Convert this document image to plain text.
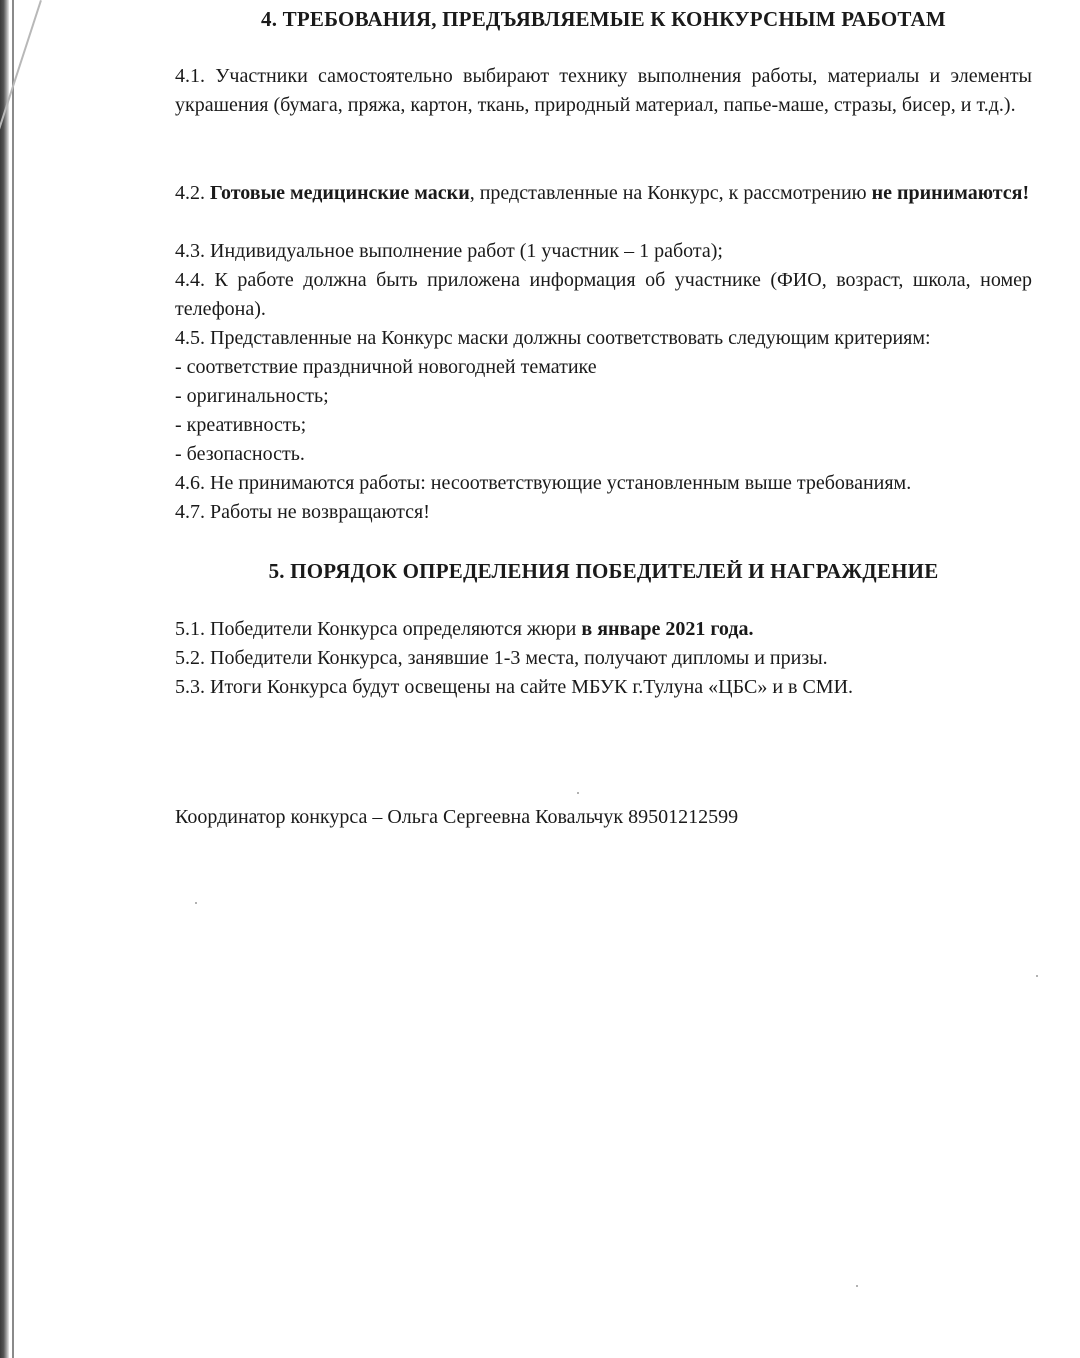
4. ТРЕБОВАНИЯ, ПРЕДЪЯВЛЯЕМЫЕ К КОНКУРСНЫМ РАБОТАМ
4.1. Участники самостоятельно выбирают технику выполнения работы, материалы и элементы украшения (бумага, пряжа, картон, ткань, природный материал, папье-маше, стразы, бисер, и т.д.).
4.2. Готовые медицинские маски, представленные на Конкурс, к рассмотрению не принимаются!
4.3. Индивидуальное выполнение работ (1 участник – 1 работа);
4.4. К работе должна быть приложена информация об участнике (ФИО, возраст, школа, номер телефона).
4.5. Представленные на Конкурс маски должны соответствовать следующим критериям:
- соответствие праздничной новогодней тематике
- оригинальность;
- креативность;
- безопасность.
4.6. Не принимаются работы: несоответствующие установленным выше требованиям.
4.7. Работы не возвращаются!
5. ПОРЯДОК ОПРЕДЕЛЕНИЯ ПОБЕДИТЕЛЕЙ И НАГРАЖДЕНИЕ
5.1. Победители Конкурса определяются жюри в январе 2021 года.
5.2. Победители Конкурса, занявшие 1-3 места, получают дипломы и призы.
5.3. Итоги Конкурса будут освещены на сайте МБУК г.Тулуна «ЦБС» и в СМИ.
Координатор конкурса – Ольга Сергеевна Ковальчук 89501212599
